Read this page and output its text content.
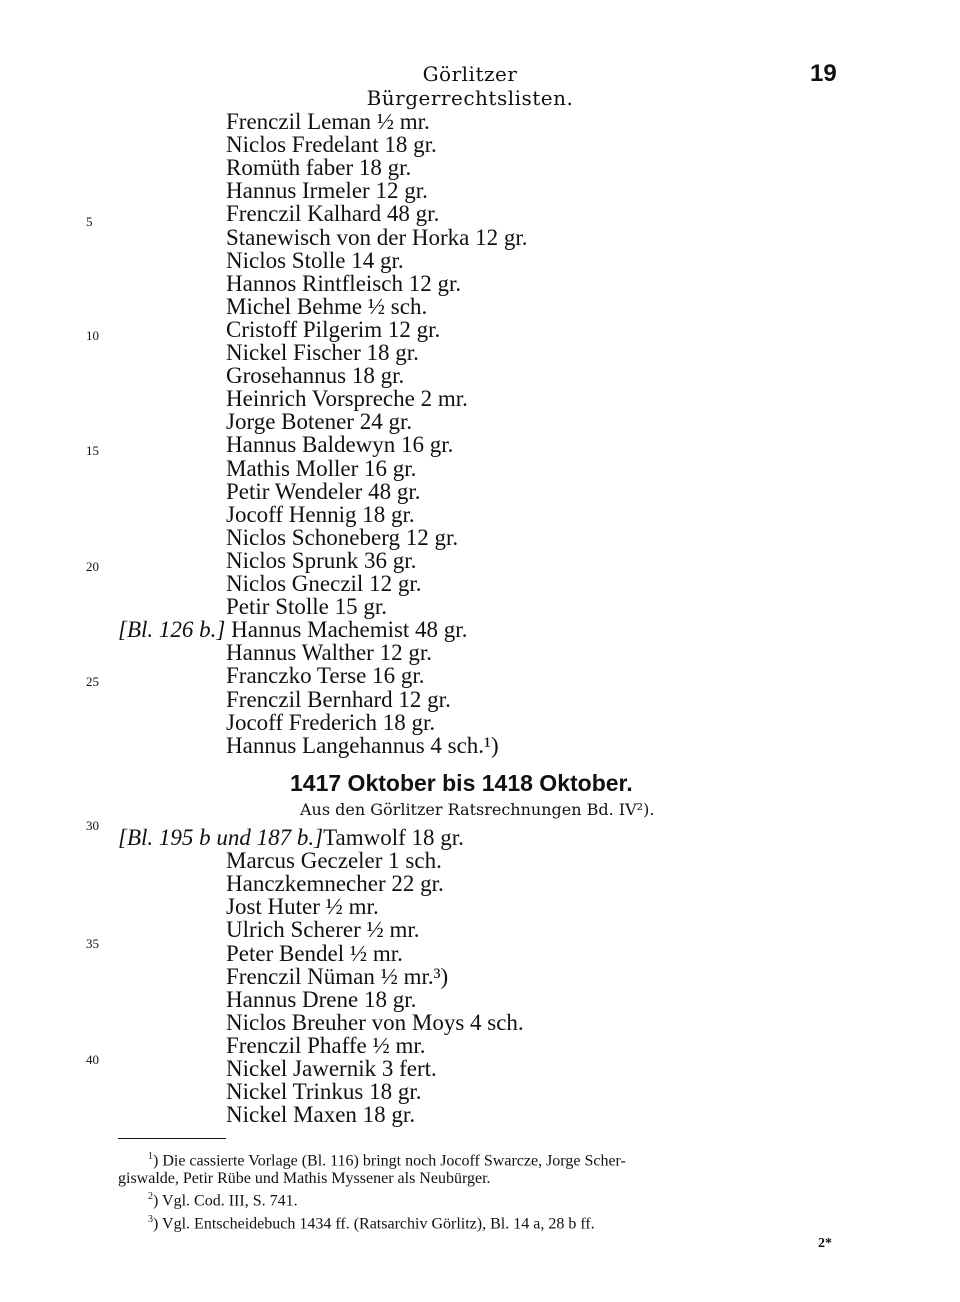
Görlitzer Bürgerrechtslisten.
19
1417 Oktober bis 1418 Oktober.
Aus den Görlitzer Ratsrechnungen Bd. IV²).
$^1$) Die cassierte Vorlage (Bl. 116) bringt noch Jocoff Swarcze, Jorge Scher-
giswalde, Petir Rübe und Mathis Myssener als Neubürger.
$^2$) Vgl. Cod. III, S. 741.
$^3$) Vgl. Entscheidebuch 1434 ff. (Ratsarchiv Görlitz), Bl. 14 a, 28 b ff.
2*
Frenczil Leman ½ mr.
Niclos Fredelant 18 gr.
Romüth faber 18 gr.
Hannus Irmeler 12 gr.
Frenczil Kalhard 48 gr.
Stanewisch von der Horka 12 gr.
Niclos Stolle 14 gr.
Hannos Rintfleisch 12 gr.
Michel Behme ½ sch.
Cristoff Pilgerim 12 gr.
Nickel Fischer 18 gr.
Grosehannus 18 gr.
Heinrich Vorspreche 2 mr.
Jorge Botener 24 gr.
Hannus Baldewyn 16 gr.
Mathis Moller 16 gr.
Petir Wendeler 48 gr.
Jocoff Hennig 18 gr.
Niclos Schoneberg 12 gr.
Niclos Sprunk 36 gr.
Niclos Gneczil 12 gr.
Petir Stolle 15 gr.
[Bl. 126 b.] Hannus Machemist 48 gr.
Hannus Walther 12 gr.
Franczko Terse 16 gr.
Frenczil Bernhard 12 gr.
Jocoff Frederich 18 gr.
Hannus Langehannus 4 sch.¹)
[Bl. 195 b und 187 b.]Tamwolf 18 gr.
Marcus Geczeler 1 sch.
Hanczkemnecher 22 gr.
Jost Huter ½ mr.
Ulrich Scherer ½ mr.
Peter Bendel ½ mr.
Frenczil Nüman ½ mr.³)
Hannus Drene 18 gr.
Niclos Breuher von Moys 4 sch.
Frenczil Phaffe ½ mr.
Nickel Jawernik 3 fert.
Nickel Trinkus 18 gr.
Nickel Maxen 18 gr.
5
10
15
20
25
30
35
40
